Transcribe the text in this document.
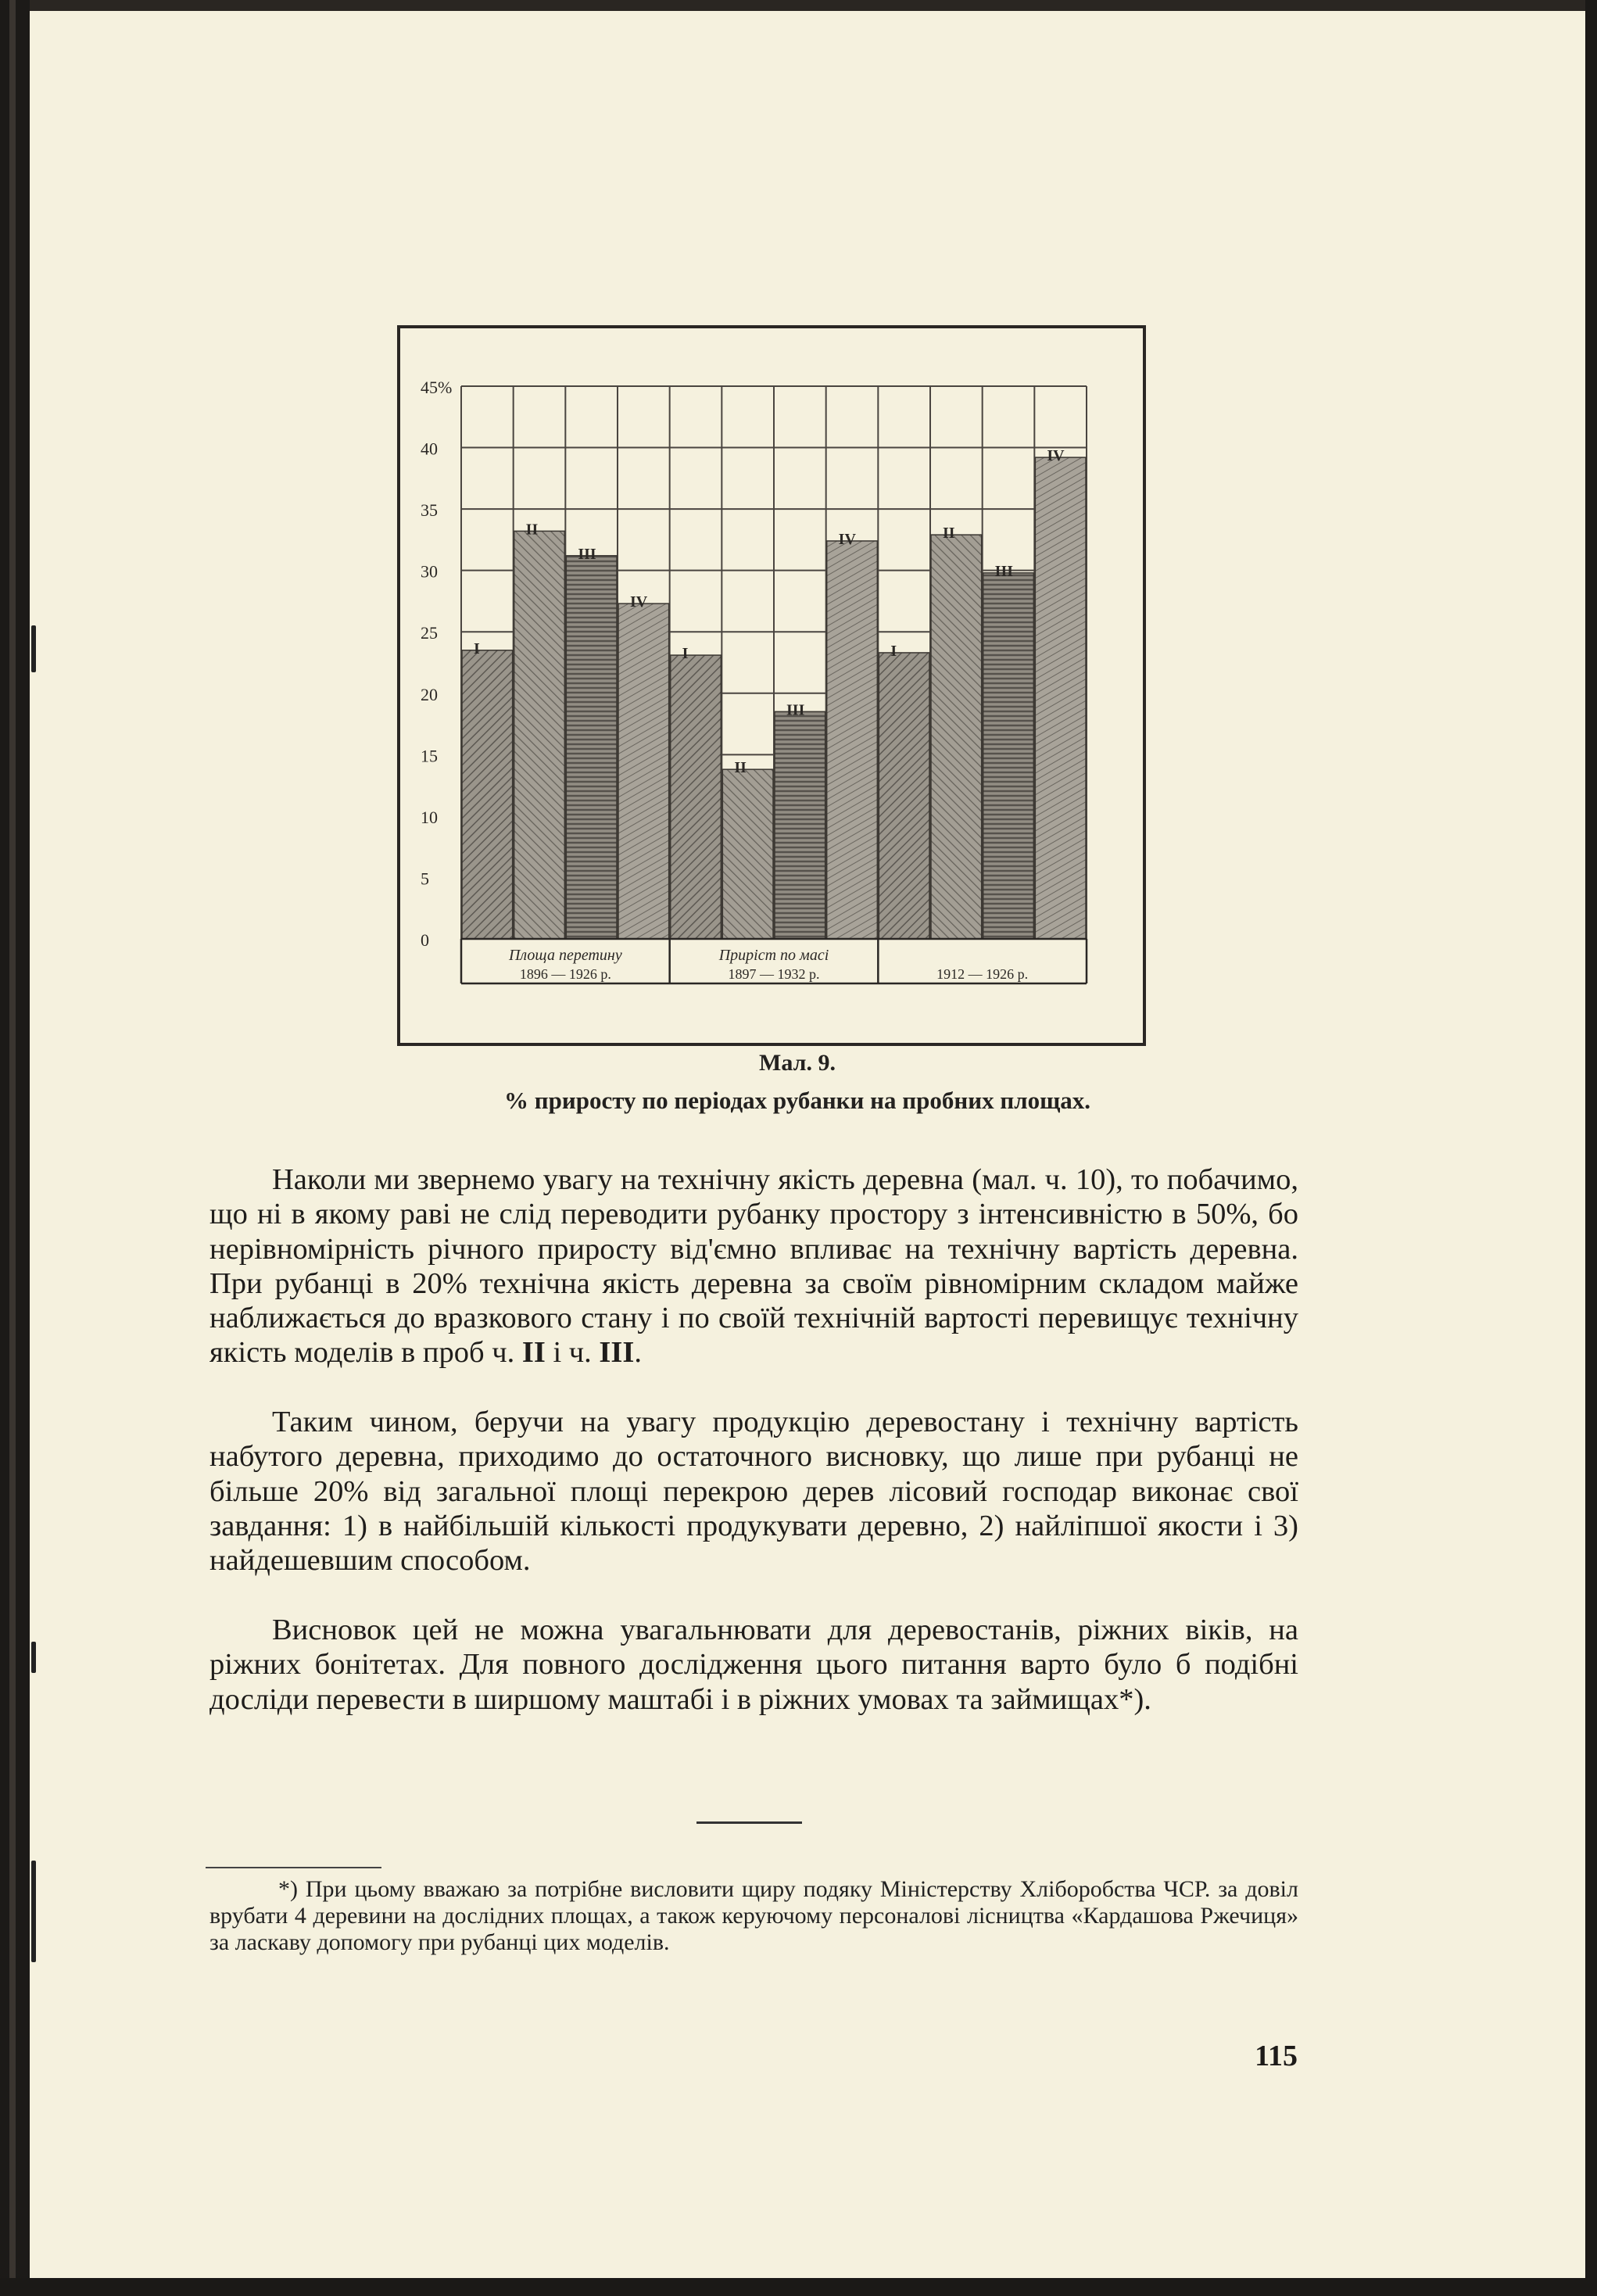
I
II
III
IV
I
II
III
IV
I
II
III
IV
0
5
10
15
20
25
30
35
40
45%
Площа перетину
1896 — 1926 р.
Приріст по масі
1897 — 1932 р.	1912 — 1926 р.
Мал. 9.
% приросту по періодах рубанки на пробних площах.

Наколи ми звернемо увагу на технічну якість деревна (мал. ч. 10), то побачимо, що ні в якому раві не слід переводити рубанку простору з інтенсивністю в 50%, бо нерівномірність річного приросту від'ємно впливає на технічну вартість деревна. При рубанці в 20% технічна якість деревна за своїм рівномірним складом майже наближається до вразкового стану і по своїй технічній вартості перевищує технічну якість моделів в проб ч. II і ч. III.

Таким чином, беручи на увагу продукцію деревостану і технічну вартість набутого деревна, приходимо до остаточного висновку, що лише при рубанці не більше 20% від загальної площі перекрою дерев лісовий господар виконає свої завдання: 1) в найбільшій кількості продукувати деревно, 2) найліпшої якости і 3) найдешевшим способом.

Висновок цей не можна увагальнювати для деревостанів, ріжних віків, на ріжних бонітетах. Для повного дослідження цього питання варто було б подібні досліди перевести в ширшому маштабі і в ріжних умовах та займищах*).

*) При цьому вважаю за потрібне висловити щиру подяку Міністерству Хліборобства ЧСР. за довіл врубати 4 деревини на дослідних площах, а також керуючому персоналові лісництва «Кардашова Ржечиця» за ласкаву допомогу при рубанці цих моделів.

115
